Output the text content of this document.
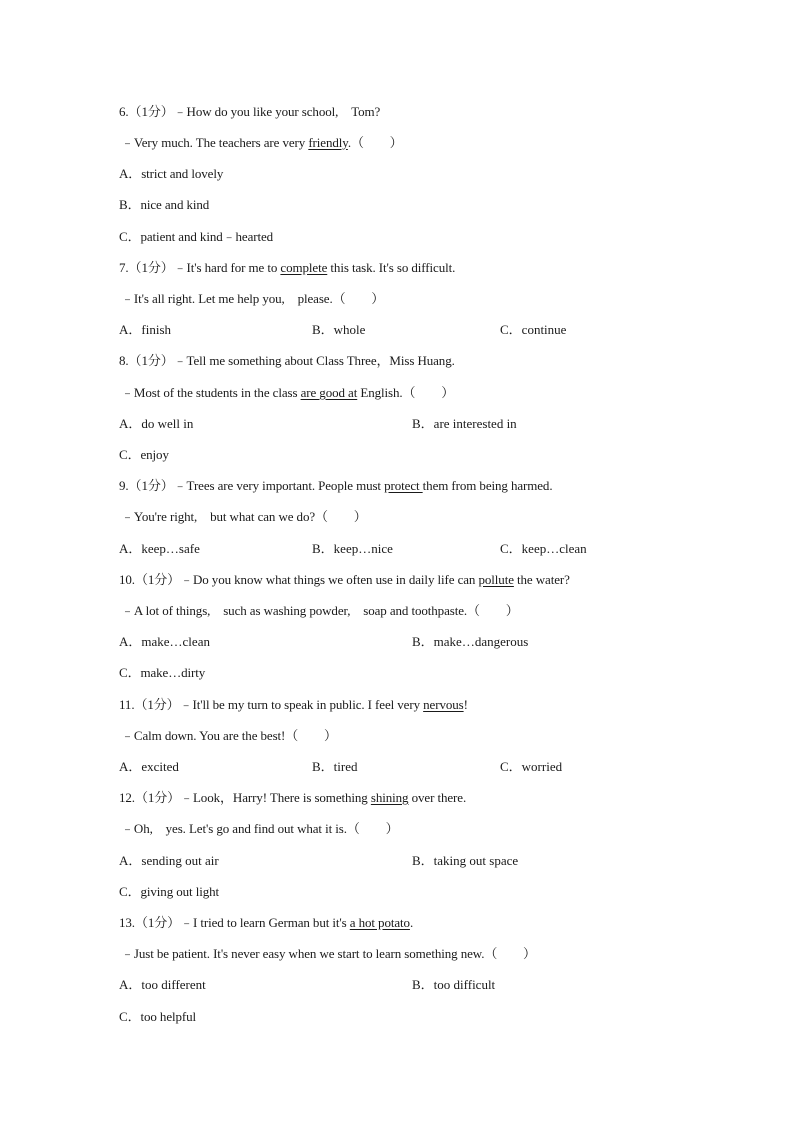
6.（1分）﹣How do you like your school,　Tom?
﹣Very much. The teachers are very friendly.（　　）
A．strict and lovely
B．nice and kind
C．patient and kind﹣hearted
7.（1分）﹣It's hard for me to complete this task. It's so difficult.
﹣It's all right. Let me help you,　please.（　　）
A．finish	B．whole	C．continue
8.（1分）﹣Tell me something about Class Three，Miss Huang.
﹣Most of the students in the class are good at English.（　　）
A．do well in	B．are interested in
C．enjoy
9.（1分）﹣Trees are very important. People must protect them from being harmed.
﹣You're right,　but what can we do?（　　）
A．keep…safe	B．keep…nice	C．keep…clean
10.（1分）﹣Do you know what things we often use in daily life can pollute the water?
﹣A lot of things,　such as washing powder,　soap and toothpaste.（　　）
A．make…clean	B．make…dangerous
C．make…dirty
11.（1分）﹣It'll be my turn to speak in public. I feel very nervous!
﹣Calm down. You are the best!（　　）
A．excited	B．tired	C．worried
12.（1分）﹣Look，Harry! There is something shining over there.
﹣Oh,　yes. Let's go and find out what it is.（　　）
A．sending out air	B．taking out space
C．giving out light
13.（1分）﹣I tried to learn German but it's a hot potato.
﹣Just be patient. It's never easy when we start to learn something new.（　　）
A．too different	B．too difficult
C．too helpful
